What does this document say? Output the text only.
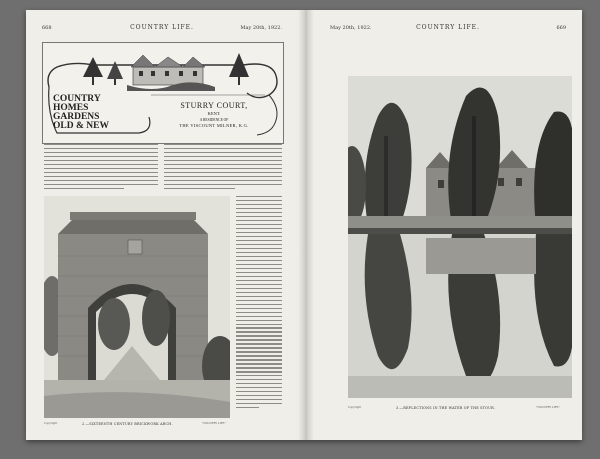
668	COUNTRY LIFE.	May 20th, 1922.
COUNTRY
HOMES
GARDENS
OLD & NEW
STURRY COURT,
KENT.
A RESIDENCE OF
THE VISCOUNT MILNER, K.G.
Copyright	2.—SIXTEENTH CENTURY BRICKWORK ARCH.	"COUNTRY LIFE."
May 20th, 1922.	COUNTRY LIFE.	669
Copyright	3.—REFLECTIONS IN THE WATER OF THE STOUR.	"COUNTRY LIFE."
